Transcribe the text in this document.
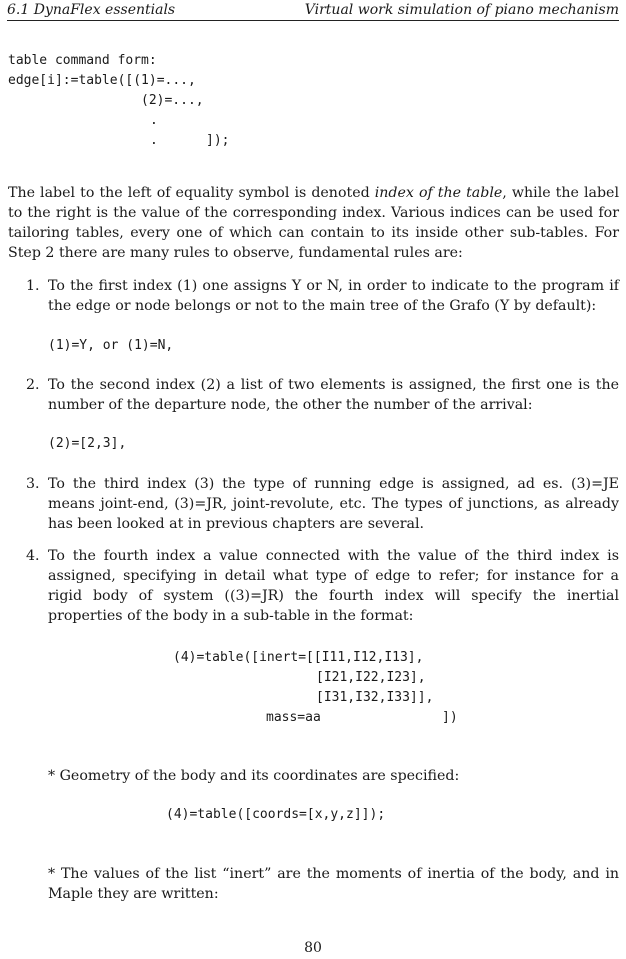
6.1 DynaFlex essentials	Virtual work simulation of piano mechanism
table command form:
edge[i]:=table([(1)=...,
(2)=...,
.
.	]);

The label to the left of equality symbol is denoted index of the table, while the label to the right is the value of the corresponding index. Various indices can be used for tailoring tables, every one of which can contain to its inside other sub-tables. For Step 2 there are many rules to observe, fundamental rules are:

1. To the first index (1) one assigns Y or N, in order to indicate to the program if the edge or node belongs or not to the main tree of the Grafo (Y by default):

(1)=Y, or (1)=N,
2. To the second index (2) a list of two elements is assigned, the first one is the number of the departure node, the other the number of the arrival:

(2)=[2,3],
3. To the third index (3) the type of running edge is assigned, ad es. (3)=JE means joint-end, (3)=JR, joint-revolute, etc. The types of junctions, as already has been looked at in previous chapters are several.

4. To the fourth index a value connected with the value of the third index is assigned, specifying in detail what type of edge to refer; for instance for a rigid body of system ((3)=JR) the fourth index will specify the inertial properties of the body in a sub-table in the format:

(4)=table([inert=[[I11,I12,I13],
[I21,I22,I23],
[I31,I32,I33]],
mass=aa	])

* Geometry of the body and its coordinates are specified:

(4)=table([coords=[x,y,z]]);

* The values of the list “inert” are the moments of inertia of the body, and in Maple they are written:

80
